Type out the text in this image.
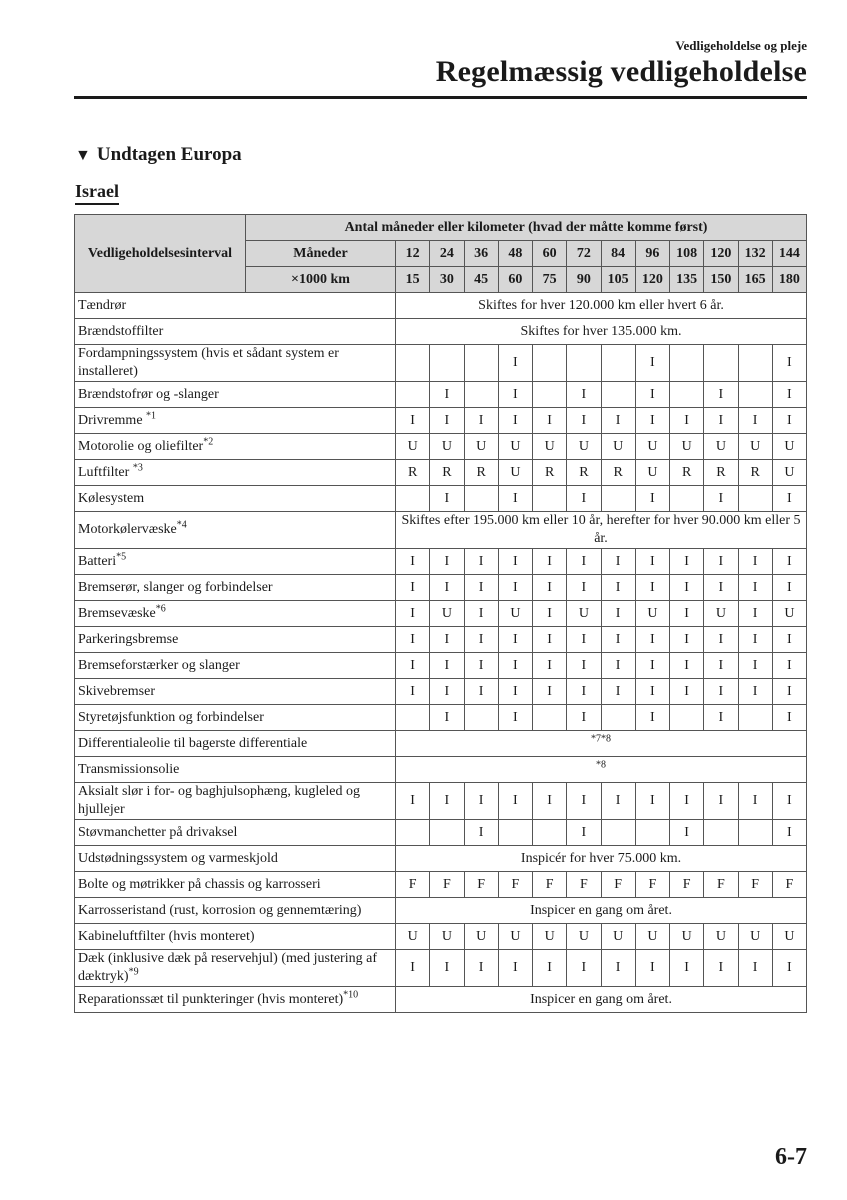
Vedligeholdelse og pleje
Regelmæssig vedligeholdelse
▼ Undtagen Europa
Israel
Vedligeholdelsesinterval	Antal måneder eller kilometer (hvad der måtte komme først)												
	Måneder	12	24	36	48	60	72	84	96	108	120	132	144
	×1000 km	15	30	45	60	75	90	105	120	135	150	165	180
Tændrør		Skiftes for hver 120.000 km eller hvert 6 år.											
Brændstoffilter		Skiftes for hver 135.000 km.											
Fordampningssystem (hvis et sådant system er installeret)					I				I				I
Brændstofrør og -slanger			I		I		I		I		I		I
Drivremme $^{*1}$		I	I	I	I	I	I	I	I	I	I	I	I
Motorolie og oliefilter$^{*2}$		U	U	U	U	U	U	U	U	U	U	U	U
Luftfilter $^{*3}$		R	R	R	U	R	R	R	U	R	R	R	U
Kølesystem			I		I		I		I		I		I
Motorkølervæske$^{*4}$		Skiftes efter 195.000 km eller 10 år, herefter for hver 90.000 km eller 5 år.											
Batteri$^{*5}$		I	I	I	I	I	I	I	I	I	I	I	I
Bremserør, slanger og forbindelser		I	I	I	I	I	I	I	I	I	I	I	I
Bremsevæske$^{*6}$		I	U	I	U	I	U	I	U	I	U	I	U
Parkeringsbremse		I	I	I	I	I	I	I	I	I	I	I	I
Bremseforstærker og slanger		I	I	I	I	I	I	I	I	I	I	I	I
Skivebremser		I	I	I	I	I	I	I	I	I	I	I	I
Styretøjsfunktion og forbindelser			I		I		I		I		I		I
Differentialeolie til bagerste differentiale		$^{*7*8}$
Transmissionsolie		$^{*8}$
Aksialt slør i for- og baghjulsophæng, kugleled og hjullejer		I	I	I	I	I	I	I	I	I	I	I	I
Støvmanchetter på drivaksel				I			I			I			I
Udstødningssystem og varmeskjold		Inspicér for hver 75.000 km.											
Bolte og møtrikker på chassis og karrosseri		F	F	F	F	F	F	F	F	F	F	F	F
Karrosseristand (rust, korrosion og gennemtæring)		Inspicer en gang om året.											
Kabineluftfilter (hvis monteret)		U	U	U	U	U	U	U	U	U	U	U	U
Dæk (inklusive dæk på reservehjul) (med justering af dæktryk)$^{*9}$		I	I	I	I	I	I	I	I	I	I	I	I
Reparationssæt til punkteringer (hvis monteret)$^{*10}$		Inspicer en gang om året.											
6-7
